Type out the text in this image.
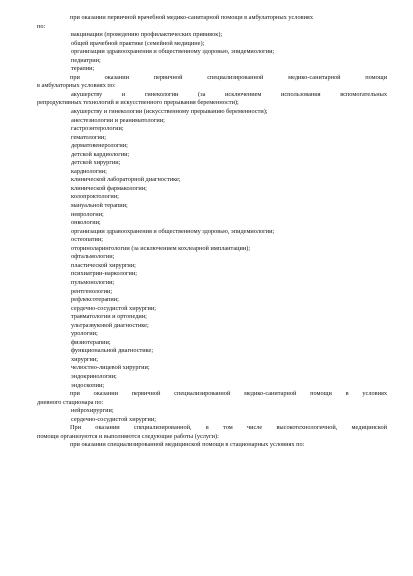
при оказании первичной врачебной медико-санитарной помощи в амбулаторных условиях
по:
вакцинации (проведению профилактических прививок);
общей врачебной практике (семейной медицине);
организации здравоохранения и общественному здоровью, эпидемиологии;
педиатрии;
терапии;
при оказании первичной специализированной медико-санитарной помощи
в амбулаторных условиях по:
акушерству и гинекологии (за исключением использования вспомогательных
репродуктивных технологий и искусственного прерывания беременности);
акушерству и гинекологии (искусственному прерыванию беременности);
анестезиологии и реаниматологии;
гастроэнтерологии;
гематологии;
дерматовенерологии;
детской кардиологии;
детской хирургии;
кардиологии;
клинической лабораторной диагностике;
клинической фармакологии;
колопроктологии;
мануальной терапии;
неврологии;
онкологии;
организации здравоохранения и общественному здоровью, эпидемиологии;
остеопатии;
оториноларингологии (за исключением кохлеарной имплантации);
офтальмологии;
пластической хирургии;
психиатрии-наркологии;
пульмонологии;
рентгенологии;
рефлексотерапии;
сердечно-сосудистой хирургии;
травматологии и ортопедии;
ультразвуковой диагностике;
урологии;
физиотерапии;
функциональной диагностике;
хирургии;
челюстно-лицевой хирургии;
эндокринологии;
эндоскопии;
при оказании первичной специализированной медико-санитарной помощи в условиях
дневного стационара по:
нейрохирургии;
сердечно-сосудистой хирургии;
При оказании специализированной, в том числе высокотехнологичной, медицинской
помощи организуются и выполняются следующие работы (услуги):
при оказании специализированной медицинской помощи в стационарных условиях по:
